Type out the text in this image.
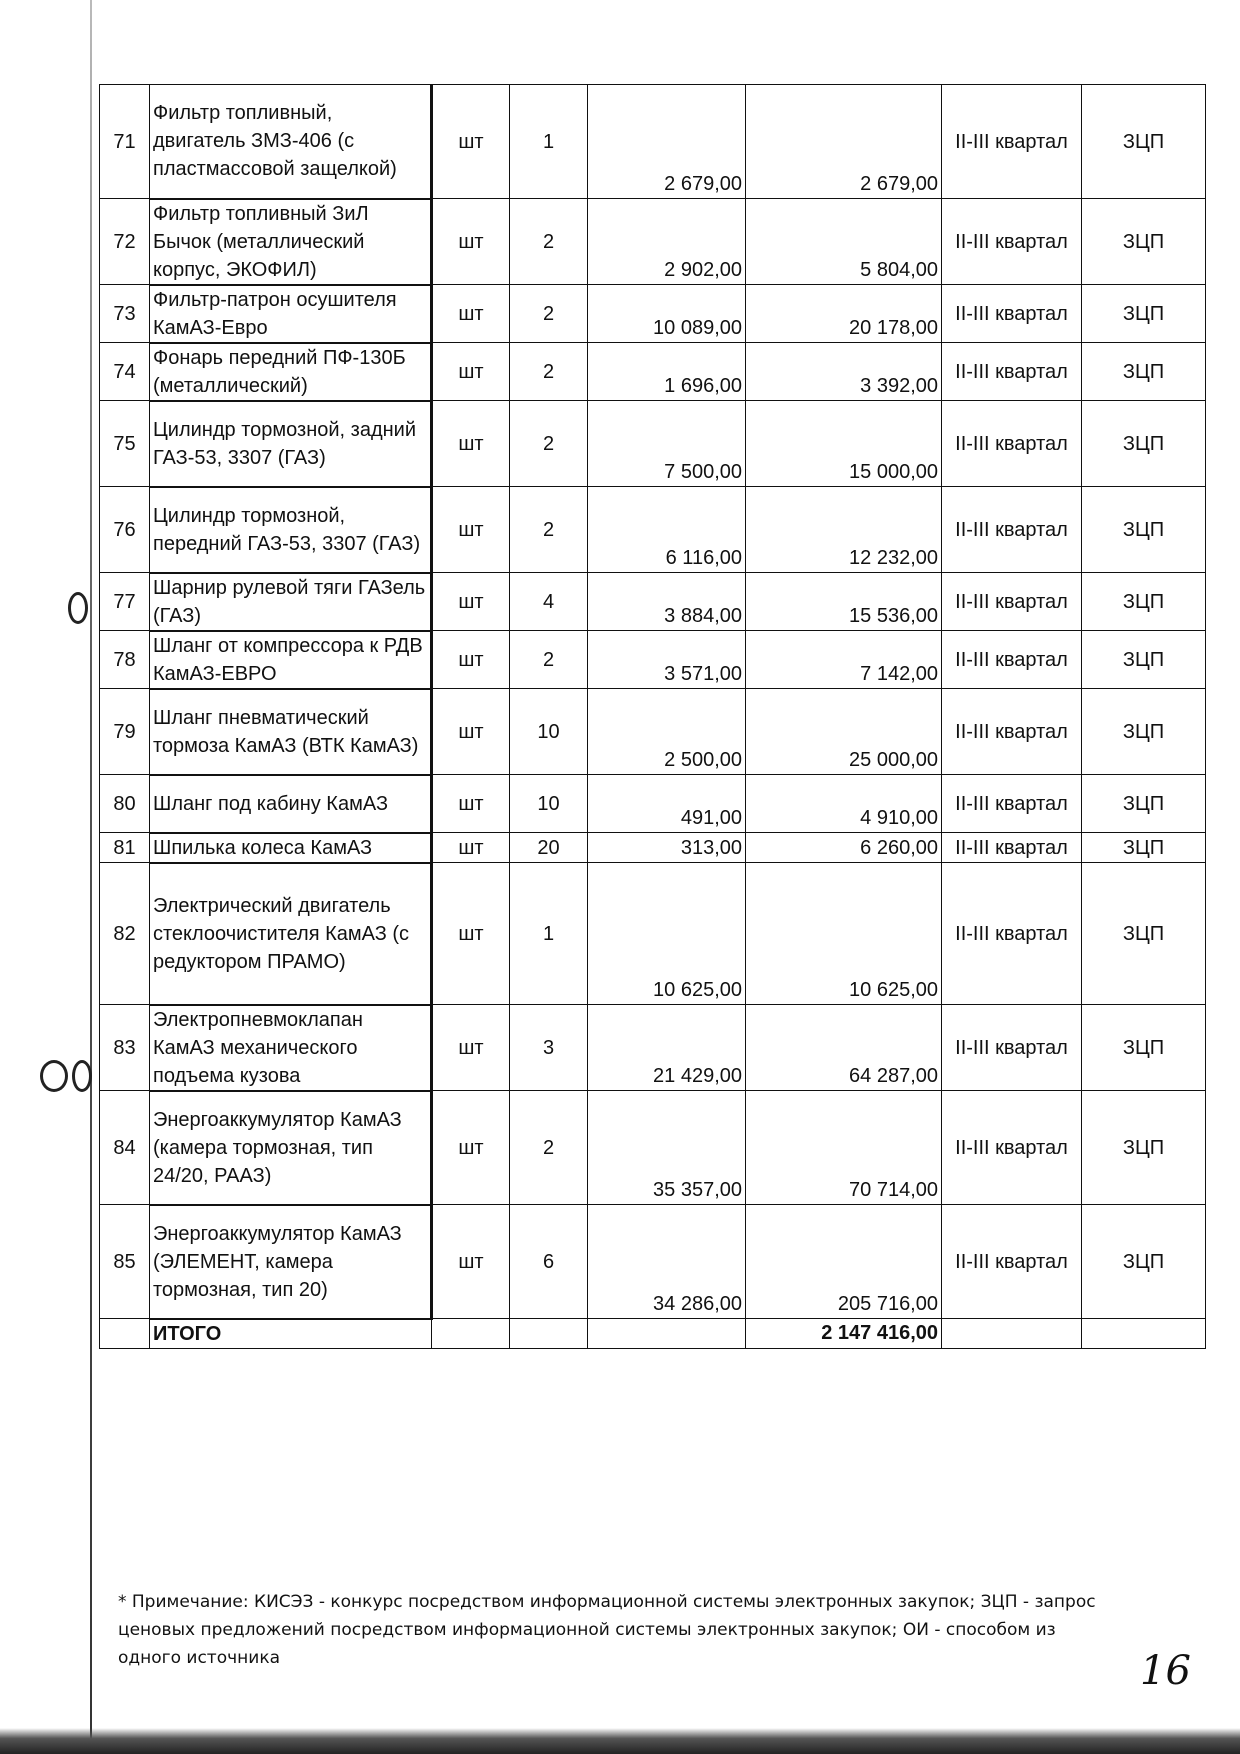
71	Фильтр топливный, двигатель ЗМЗ-406 (с пластмассовой защелкой)	шт	1	2 679,00	2 679,00	II-III квартал	ЗЦП
72	Фильтр топливный ЗиЛ Бычок (металлический корпус, ЭКОФИЛ)	шт	2	2 902,00	5 804,00	II-III квартал	ЗЦП
73	Фильтр-патрон осушителя КамАЗ-Евро	шт	2	10 089,00	20 178,00	II-III квартал	ЗЦП
74	Фонарь передний ПФ-130Б (металлический)	шт	2	1 696,00	3 392,00	II-III квартал	ЗЦП
75	Цилиндр тормозной, задний ГАЗ-53, 3307 (ГАЗ)	шт	2	7 500,00	15 000,00	II-III квартал	ЗЦП
76	Цилиндр тормозной, передний ГАЗ-53, 3307 (ГАЗ)	шт	2	6 116,00	12 232,00	II-III квартал	ЗЦП
77	Шарнир рулевой тяги ГАЗель (ГАЗ)	шт	4	3 884,00	15 536,00	II-III квартал	ЗЦП
78	Шланг от компрессора к РДВ КамАЗ-ЕВРО	шт	2	3 571,00	7 142,00	II-III квартал	ЗЦП
79	Шланг пневматический тормоза КамАЗ (ВТК КамАЗ)	шт	10	2 500,00	25 000,00	II-III квартал	ЗЦП
80	Шланг под кабину КамАЗ	шт	10	491,00	4 910,00	II-III квартал	ЗЦП
81	Шпилька колеса КамАЗ	шт	20	313,00	6 260,00	II-III квартал	ЗЦП
82	Электрический двигатель стеклоочистителя КамАЗ (с редуктором ПРАМО)	шт	1	10 625,00	10 625,00	II-III квартал	ЗЦП
83	Электропневмоклапан КамАЗ механического подъема кузова	шт	3	21 429,00	64 287,00	II-III квартал	ЗЦП
84	Энергоаккумулятор КамАЗ (камера тормозная, тип 24/20, РААЗ)	шт	2	35 357,00	70 714,00	II-III квартал	ЗЦП
85	Энергоаккумулятор КамАЗ (ЭЛЕМЕНТ, камера тормозная, тип 20)	шт	6	34 286,00	205 716,00	II-III квартал	ЗЦП
	ИТОГО				2 147 416,00		
* Примечание: КИСЭЗ - конкурс посредством информационной системы электронных закупок; ЗЦП - запрос ценовых предложений посредством информационной системы электронных закупок; ОИ - способом из одного источника	16
